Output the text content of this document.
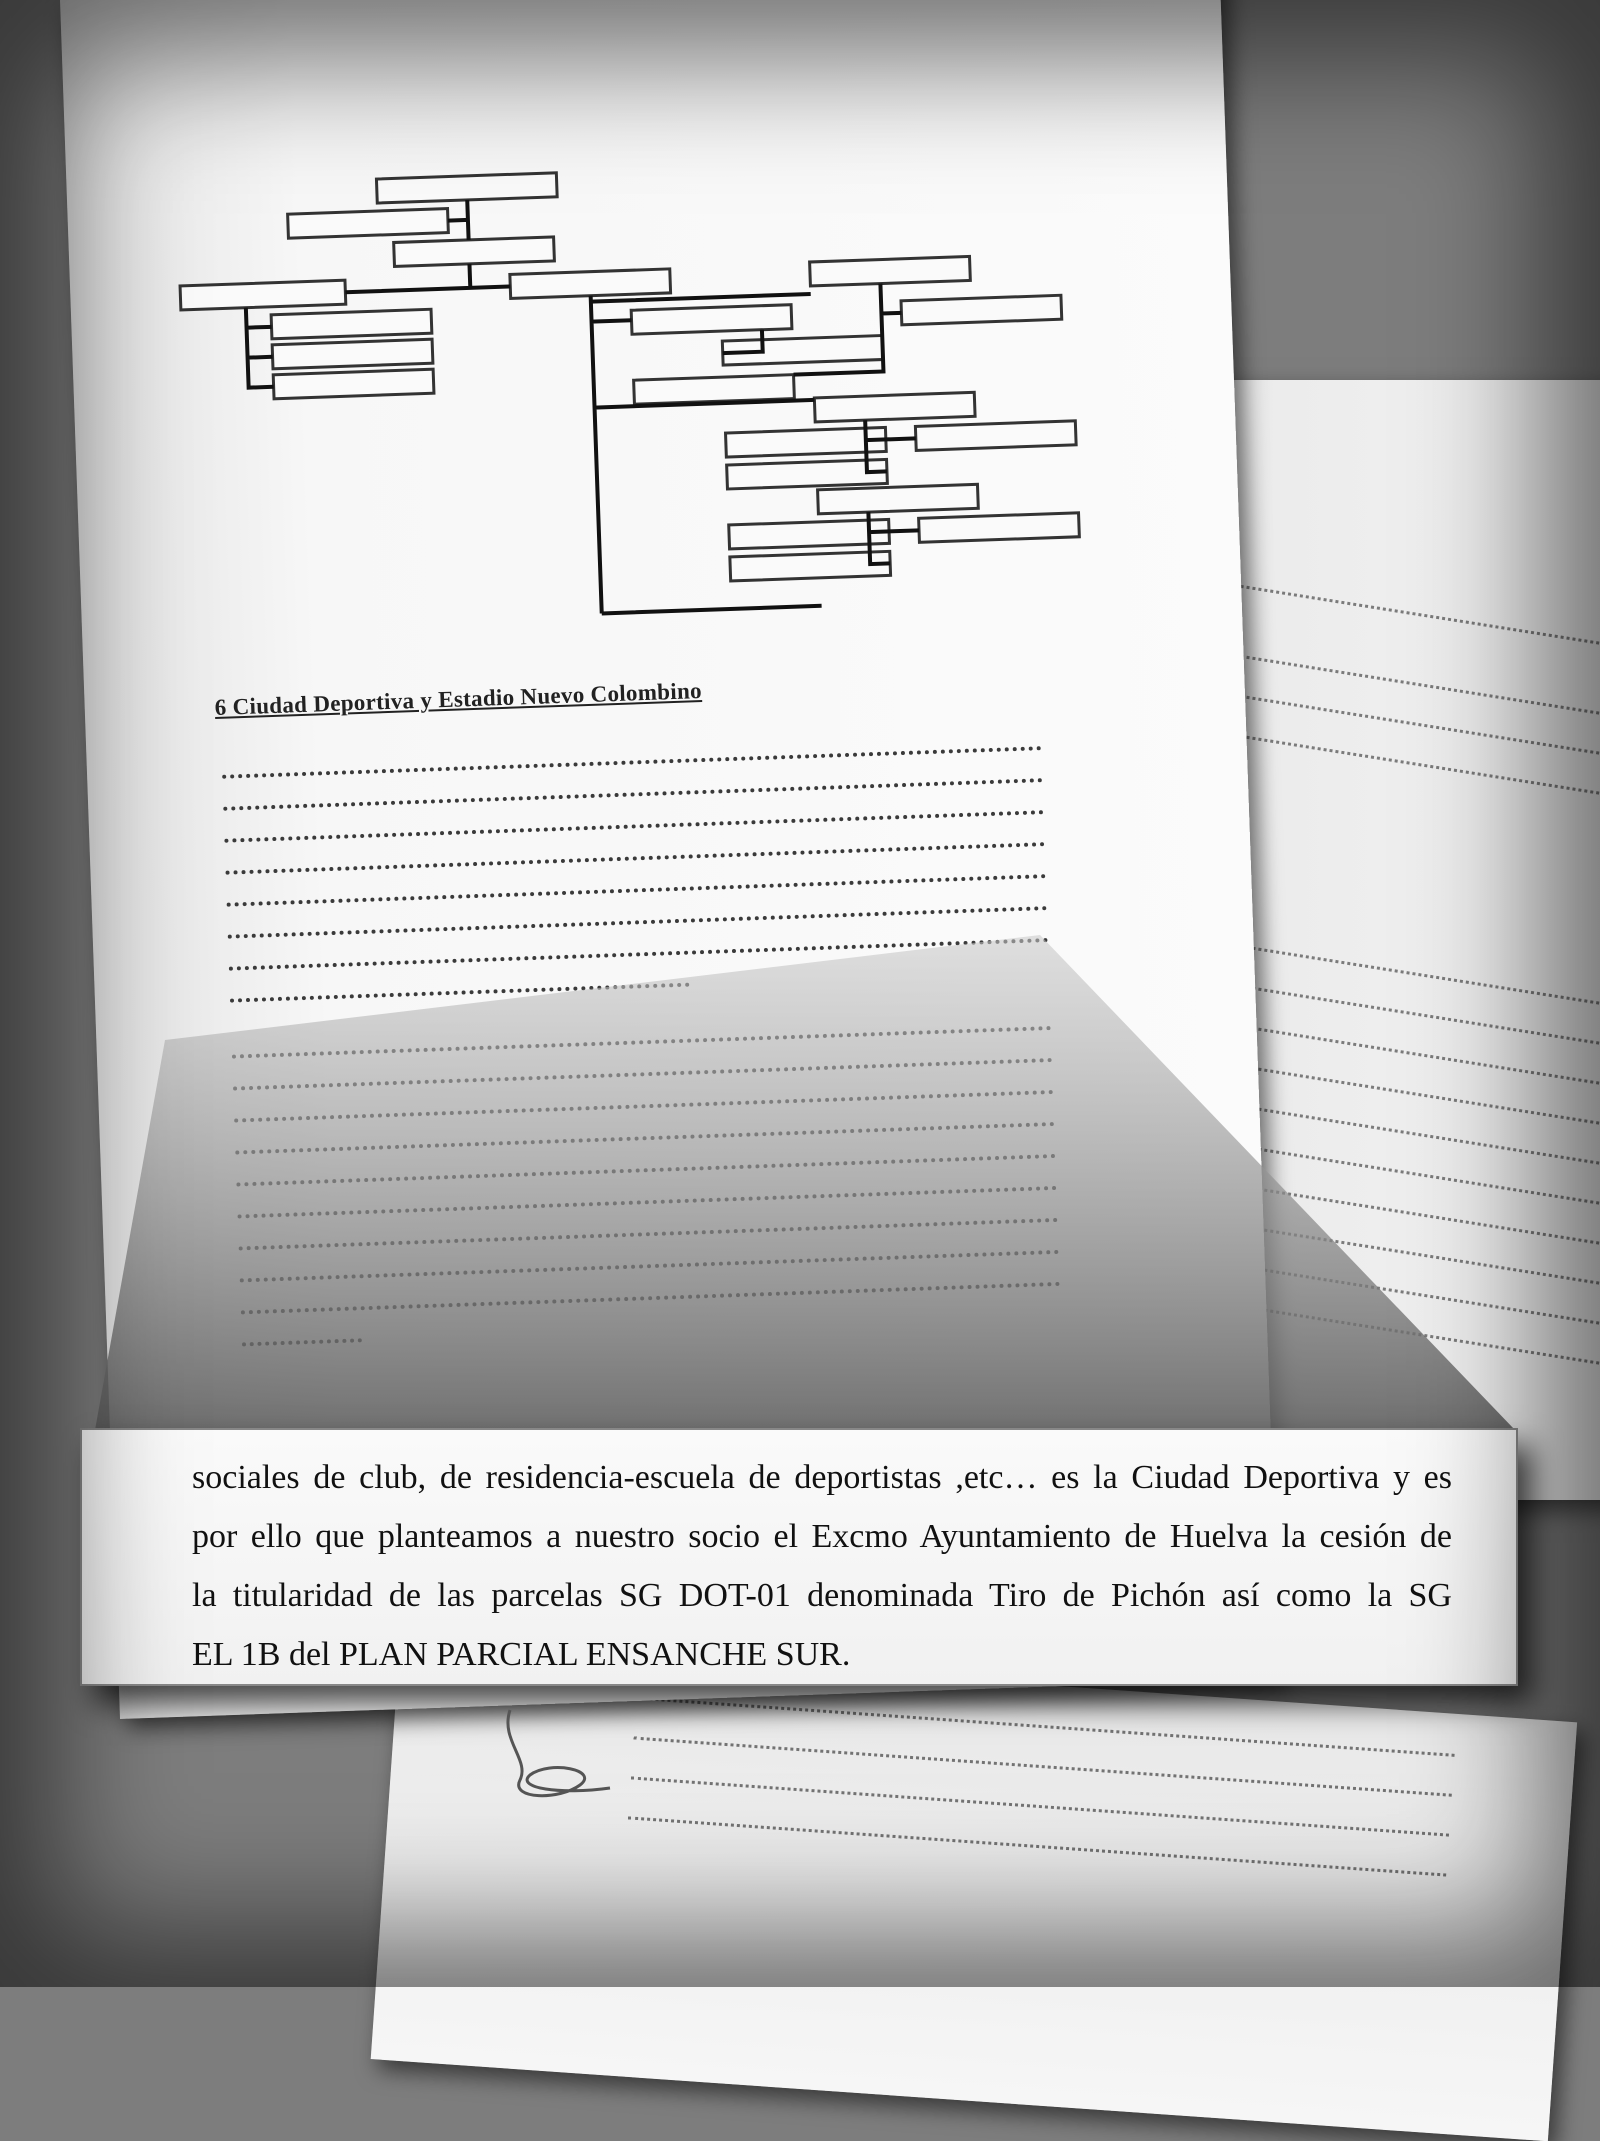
6 Ciudad Deportiva y Estadio Nuevo Colombino
sociales de club, de residencia-escuela de deportistas ,etc… es la Ciudad Deportiva y es
por ello que planteamos a nuestro socio el Excmo Ayuntamiento de Huelva la cesión de
la titularidad de las parcelas SG DOT-01 denominada Tiro de Pichón así como la SG
EL 1B del PLAN PARCIAL ENSANCHE SUR.
